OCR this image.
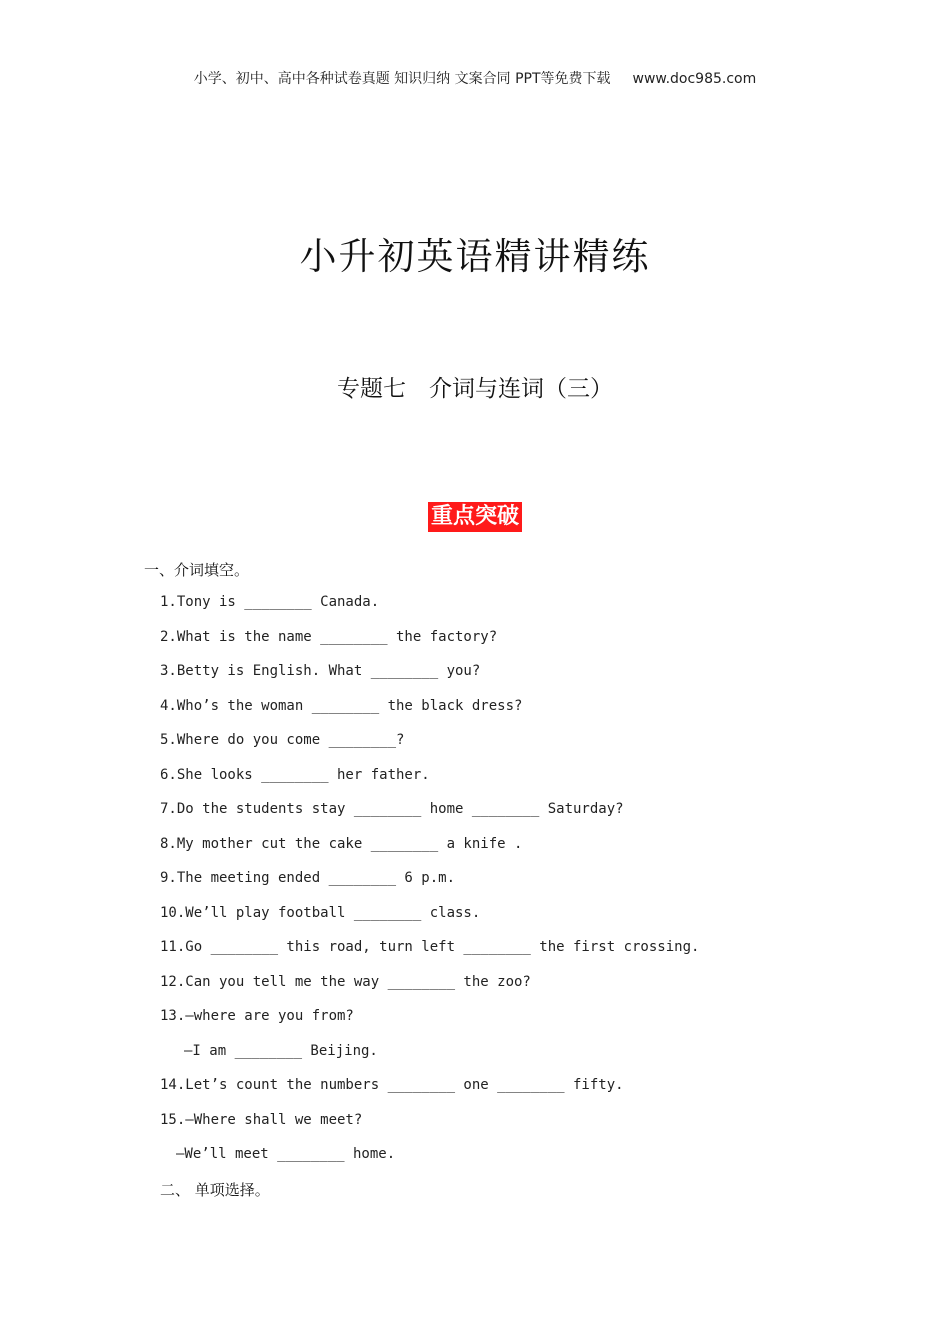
小学、初中、高中各种试卷真题 知识归纳 文案合同 PPT等免费下载 www.doc985.com
小升初英语精讲精练
专题七　介词与连词（三）
重点突破
一、介词填空。
1.Tony is ________ Canada.
2.What is the name ________ the factory?
3.Betty is English. What ________ you?
4.Who’s the woman ________ the black dress?
5.Where do you come ________?
6.She looks ________ her father.
7.Do the students stay ________ home ________ Saturday?
8.My mother cut the cake ________ a knife .
9.The meeting ended ________ 6 p.m.
10.We’ll play football ________ class.
11.Go ________ this road, turn left ________ the first crossing.
12.Can you tell me the way ________ the zoo?
13.—where are you from?
—I am ________ Beijing.
14.Let’s count the numbers ________ one ________ fifty.
15.—Where shall we meet?
—We’ll meet ________ home.
二、 单项选择。
